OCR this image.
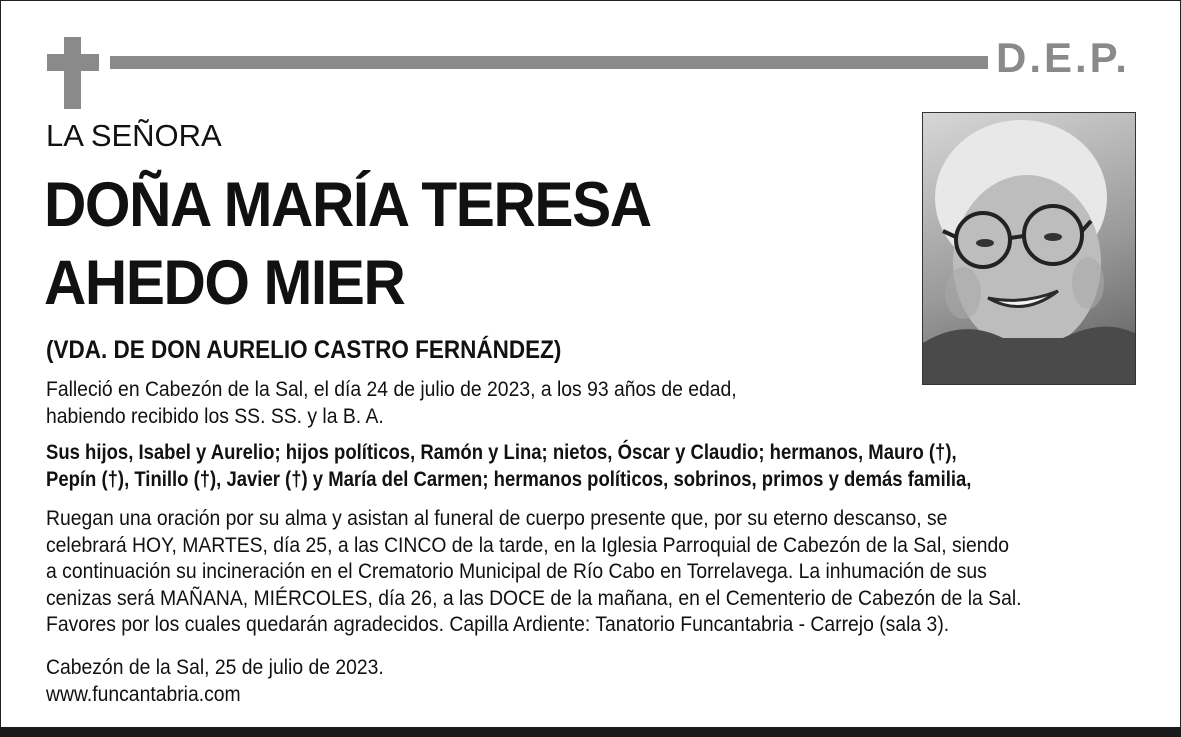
D.E.P.
LA SEÑORA
DOÑA MARÍA TERESA
AHEDO MIER
(VDA. DE DON AURELIO CASTRO FERNÁNDEZ)
Falleció en Cabezón de la Sal, el día 24 de julio de 2023, a los 93 años de edad,
habiendo recibido los SS. SS. y la B. A.
Sus hijos, Isabel y Aurelio; hijos políticos, Ramón y Lina; nietos, Óscar y Claudio; hermanos, Mauro (†),
Pepín (†), Tinillo (†), Javier (†) y María del Carmen; hermanos políticos, sobrinos, primos y demás familia,
Ruegan una oración por su alma y asistan al funeral de cuerpo presente que, por su eterno descanso, se
celebrará HOY, MARTES, día 25, a las CINCO de la tarde, en la Iglesia Parroquial de Cabezón de la Sal, siendo
a continuación su incineración en el Crematorio Municipal de Río Cabo en Torrelavega. La inhumación de sus
cenizas será MAÑANA, MIÉRCOLES, día 26, a las DOCE de la mañana, en el Cementerio de Cabezón de la Sal.
Favores por los cuales quedarán agradecidos. Capilla Ardiente: Tanatorio Funcantabria - Carrejo (sala 3).
Cabezón de la Sal, 25 de julio de 2023.
www.funcantabria.com
